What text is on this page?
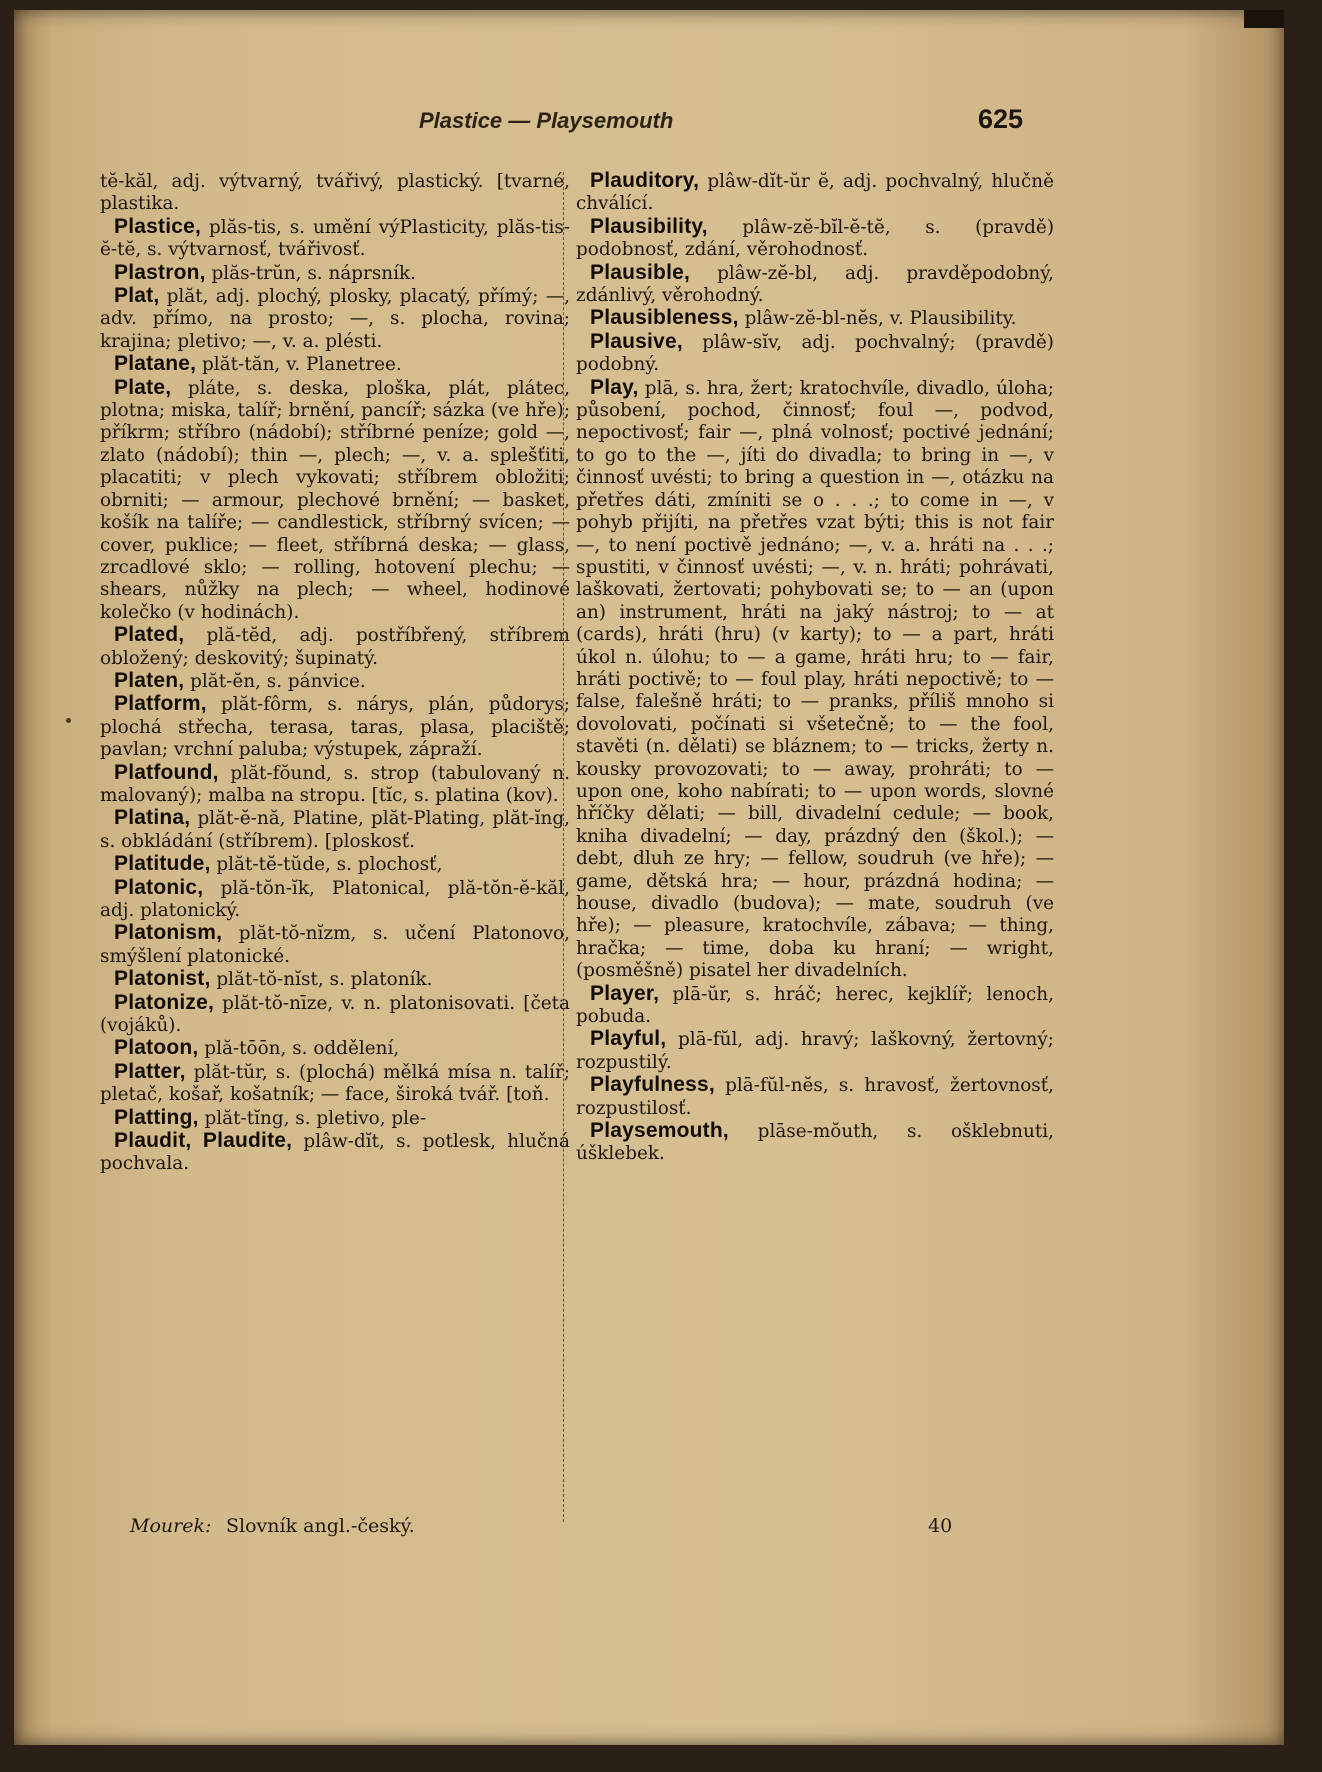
Plastice — Playsemouth	625

tĕ-kăl, adj. výtvarný, tvářivý, plastický. [tvarné, plastika.

Plastice, plăs-tis, s. umění výPlasticity, plăs-tis-ĕ-tĕ, s. výtvarnosť, tvářivosť.

Plastron, plăs-trŭn, s. náprsník.

Plat, plăt, adj. plochý, plosky, placatý, přímý; —, adv. přímo, na prosto; —, s. plocha, rovina; krajina; pletivo; —, v. a. plésti.

Platane, plăt-tăn, v. Planetree.

Plate, pláte, s. deska, ploška, plát, plátec, plotna; miska, talíř; brnění, pancíř; sázka (ve hře); příkrm; stříbro (nádobí); stříbrné peníze; gold —, zlato (nádobí); thin —, plech; —, v. a. splešťiti, placatiti; v plech vykovati; stříbrem obložiti; obrniti; — armour, plechové brnění; — basket, košík na talíře; — candlestick, stříbrný svícen; — cover, puklice; — fleet, stříbrná deska; — glass, zrcadlové sklo; — rolling, hotovení plechu; — shears, nůžky na plech; — wheel, hodinové kolečko (v hodinách).

Plated, plă-tĕd, adj. postříbřený, stříbrem obložený; deskovitý; šupinatý.

Platen, plăt-ĕn, s. pánvice.

Platform, plăt-fôrm, s. nárys, plán, půdorys; plochá střecha, terasa, taras, plasa, placiště; pavlan; vrchní paluba; výstupek, zápraží.

Platfound, plăt-fŏund, s. strop (tabulovaný n. malovaný); malba na stropu. [tĭc, s. platina (kov).

Platina, plăt-ĕ-nă, Platine, plăt-Plating, plăt-ĭng, s. obkládání (stříbrem). [ploskosť.

Platitude, plăt-tĕ-tŭde, s. plochosť,

Platonic, plă-tŏn-ĭk, Platonical, plă-tŏn-ĕ-kăl, adj. platonický.

Platonism, plăt-tŏ-nĭzm, s. učení Platonovo, smýšlení platonické.

Platonist, plăt-tŏ-nĭst, s. platoník.

Platonize, plăt-tŏ-nīze, v. n. platonisovati. [četa (vojáků).

Platoon, plă-tōōn, s. oddělení,

Platter, plăt-tŭr, s. (plochá) mělká mísa n. talíř; pletač, košař, košatník; — face, široká tvář. [toň.

Platting, plăt-tĭng, s. pletivo, ple-

Plaudit, Plaudite, plâw-dĭt, s. potlesk, hlučná pochvala.

Plauditory, plâw-dĭt-ŭr ĕ, adj. pochvalný, hlučně chválící.

Plausibility, plâw-zĕ-bĭl-ĕ-tĕ, s. (pravdě) podobnosť, zdání, věrohodnosť.

Plausible, plâw-zĕ-bl, adj. pravděpodobný, zdánlivý, věrohodný.

Plausibleness, plâw-zĕ-bl-nĕs, v. Plausibility.

Plausive, plâw-sĭv, adj. pochvalný; (pravdě) podobný.

Play, plā, s. hra, žert; kratochvíle, divadlo, úloha; působení, pochod, činnosť; foul —, podvod, nepoctivosť; fair —, plná volnosť; poctivé jednání; to go to the —, jíti do divadla; to bring in —, v činnosť uvésti; to bring a question in —, otázku na přetřes dáti, zmíniti se o . . .; to come in —, v pohyb přijíti, na přetřes vzat býti; this is not fair —, to není poctivě jednáno; —, v. a. hráti na . . .; spustiti, v činnosť uvésti; —, v. n. hráti; pohrávati, laškovati, žertovati; pohybovati se; to — an (upon an) instrument, hráti na jaký nástroj; to — at (cards), hráti (hru) (v karty); to — a part, hráti úkol n. úlohu; to — a game, hráti hru; to — fair, hráti poctivě; to — foul play, hráti nepoctivě; to — false, falešně hráti; to — pranks, příliš mnoho si dovolovati, počínati si všetečně; to — the fool, stavěti (n. dělati) se bláznem; to — tricks, žerty n. kousky provozovati; to — away, prohráti; to — upon one, koho nabírati; to — upon words, slovné hříčky dělati; — bill, divadelní cedule; — book, kniha divadelní; — day, prázdný den (škol.); — debt, dluh ze hry; — fellow, soudruh (ve hře); — game, dětská hra; — hour, prázdná hodina; — house, divadlo (budova); — mate, soudruh (ve hře); — pleasure, kratochvíle, zábava; — thing, hračka; — time, doba ku hraní; — wright, (posměšně) pisatel her divadelních.

Player, plā-ŭr, s. hráč; herec, kejklíř; lenoch, pobuda.

Playful, plā-fŭl, adj. hravý; laškovný, žertovný; rozpustilý.

Playfulness, plā-fŭl-nĕs, s. hravosť, žertovnosť, rozpustilosť.

Playsemouth, plāse-mŏuth, s. ošklebnuti, úšklebek.

Mourek: Slovník angl.-český.	40
